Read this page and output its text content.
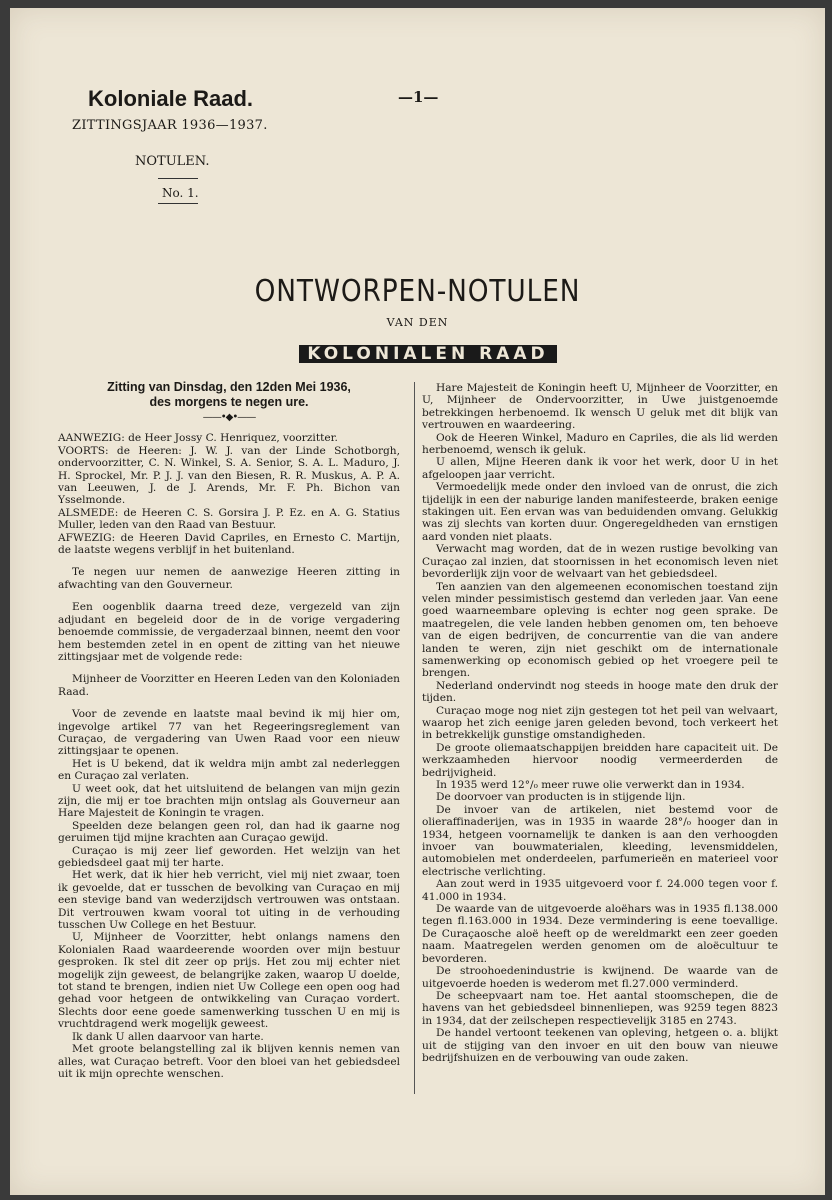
Koloniale Raad.
ZITTINGSJAAR 1936—1937.
—1—
NOTULEN.
No. 1.
ONTWORPEN-NOTULEN
VAN DEN
KOLONIALEN RAAD
Zitting van Dinsdag, den 12den Mei 1936,
des morgens te negen ure.
——•◆•——

AANWEZIG: de Heer Jossy C. Henriquez, voorzitter.

VOORTS: de Heeren: J. W. J. van der Linde Schotborgh, ondervoorzitter, C. N. Winkel, S. A. Senior, S. A. L. Maduro, J. H. Sprockel, Mr. P. J. J. van den Biesen, R. R. Muskus, A. P. A. van Leeuwen, J. de J. Arends, Mr. F. Ph. Bichon van Ysselmonde.

ALSMEDE: de Heeren C. S. Gorsira J. P. Ez. en A. G. Statius Muller, leden van den Raad van Bestuur.

AFWEZIG: de Heeren David Capriles, en Ernesto C. Martijn, de laatste wegens verblijf in het buitenland.

Te negen uur nemen de aanwezige Heeren zitting in afwachting van den Gouverneur.

Een oogenblik daarna treed deze, vergezeld van zijn adjudant en begeleid door de in de vorige vergadering benoemde commissie, de vergaderzaal binnen, neemt den voor hem bestemden zetel in en opent de zitting van het nieuwe zittingsjaar met de volgende rede:

Mijnheer de Voorzitter en Heeren Leden van den Koloniaden Raad.

Voor de zevende en laatste maal bevind ik mij hier om, ingevolge artikel 77 van het Regeeringsreglement van Curaçao, de vergadering van Uwen Raad voor een nieuw zittingsjaar te openen.

Het is U bekend, dat ik weldra mijn ambt zal nederleggen en Curaçao zal verlaten.

U weet ook, dat het uitsluitend de belangen van mijn gezin zijn, die mij er toe brachten mijn ontslag als Gouverneur aan Hare Majesteit de Koningin te vragen.

Speelden deze belangen geen rol, dan had ik gaarne nog geruimen tijd mijne krachten aan Curaçao gewijd.

Curaçao is mij zeer lief geworden. Het welzijn van het gebiedsdeel gaat mij ter harte.

Het werk, dat ik hier heb verricht, viel mij niet zwaar, toen ik gevoelde, dat er tusschen de bevolking van Curaçao en mij een stevige band van wederzijdsch vertrouwen was ontstaan. Dit vertrouwen kwam vooral tot uiting in de verhouding tusschen Uw College en het Bestuur.

U, Mijnheer de Voorzitter, hebt onlangs namens den Kolonialen Raad waardeerende woorden over mijn bestuur gesproken. Ik stel dit zeer op prijs. Het zou mij echter niet mogelijk zijn geweest, de belangrijke zaken, waarop U doelde, tot stand te brengen, indien niet Uw College een open oog had gehad voor hetgeen de ontwikkeling van Curaçao vordert. Slechts door eene goede samenwerking tusschen U en mij is vruchtdragend werk mogelijk geweest.

Ik dank U allen daarvoor van harte.

Met groote belangstelling zal ik blijven kennis nemen van alles, wat Curaçao betreft. Voor den bloei van het gebiedsdeel uit ik mijn oprechte wenschen.

Hare Majesteit de Koningin heeft U, Mijnheer de Voorzitter, en U, Mijnheer de Ondervoorzitter, in Uwe juistgenoemde betrekkingen herbenoemd. Ik wensch U geluk met dit blijk van vertrouwen en waardeering.

Ook de Heeren Winkel, Maduro en Capriles, die als lid werden herbenoemd, wensch ik geluk.

U allen, Mijne Heeren dank ik voor het werk, door U in het afgeloopen jaar verricht.

Vermoedelijk mede onder den invloed van de onrust, die zich tijdelijk in een der naburige landen manifesteerde, braken eenige stakingen uit. Een ervan was van beduidenden omvang. Gelukkig was zij slechts van korten duur. Ongeregeldheden van ernstigen aard vonden niet plaats.

Verwacht mag worden, dat de in wezen rustige bevolking van Curaçao zal inzien, dat stoornissen in het economisch leven niet bevorderlijk zijn voor de welvaart van het gebiedsdeel.

Ten aanzien van den algemeenen economischen toestand zijn velen minder pessimistisch gestemd dan verleden jaar. Van eene goed waarneembare opleving is echter nog geen sprake. De maatregelen, die vele landen hebben genomen om, ten behoeve van de eigen bedrijven, de concurrentie van die van andere landen te weren, zijn niet geschikt om de internationale samenwerking op economisch gebied op het vroegere peil te brengen.

Nederland ondervindt nog steeds in hooge mate den druk der tijden.

Curaçao moge nog niet zijn gestegen tot het peil van welvaart, waarop het zich eenige jaren geleden bevond, toch verkeert het in betrekkelijk gunstige omstandigheden.

De groote oliemaatschappijen breidden hare capaciteit uit. De werkzaamheden hiervoor noodig vermeerderden de bedrijvigheid.

In 1935 werd 12°/₀ meer ruwe olie verwerkt dan in 1934.

De doorvoer van producten is in stijgende lijn.

De invoer van de artikelen, niet bestemd voor de olieraffinaderijen, was in 1935 in waarde 28°/₀ hooger dan in 1934, hetgeen voornamelijk te danken is aan den verhoogden invoer van bouwmaterialen, kleeding, levensmiddelen, automobielen met onderdeelen, parfumerieën en materieel voor electrische verlichting.

Aan zout werd in 1935 uitgevoerd voor f. 24.000 tegen voor f. 41.000 in 1934.

De waarde van de uitgevoerde aloëhars was in 1935 fl.138.000 tegen fl.163.000 in 1934. Deze vermindering is eene toevallige. De Curaçaosche aloë heeft op de wereldmarkt een zeer goeden naam. Maatregelen werden genomen om de aloëcultuur te bevorderen.

De stroohoedenindustrie is kwijnend. De waarde van de uitgevoerde hoeden is wederom met fl.27.000 verminderd.

De scheepvaart nam toe. Het aantal stoomschepen, die de havens van het gebiedsdeel binnenliepen, was 9259 tegen 8823 in 1934, dat der zeilschepen respectievelijk 3185 en 2743.

De handel vertoont teekenen van opleving, hetgeen o. a. blijkt uit de stijging van den invoer en uit den bouw van nieuwe bedrijfshuizen en de verbouwing van oude zaken.
